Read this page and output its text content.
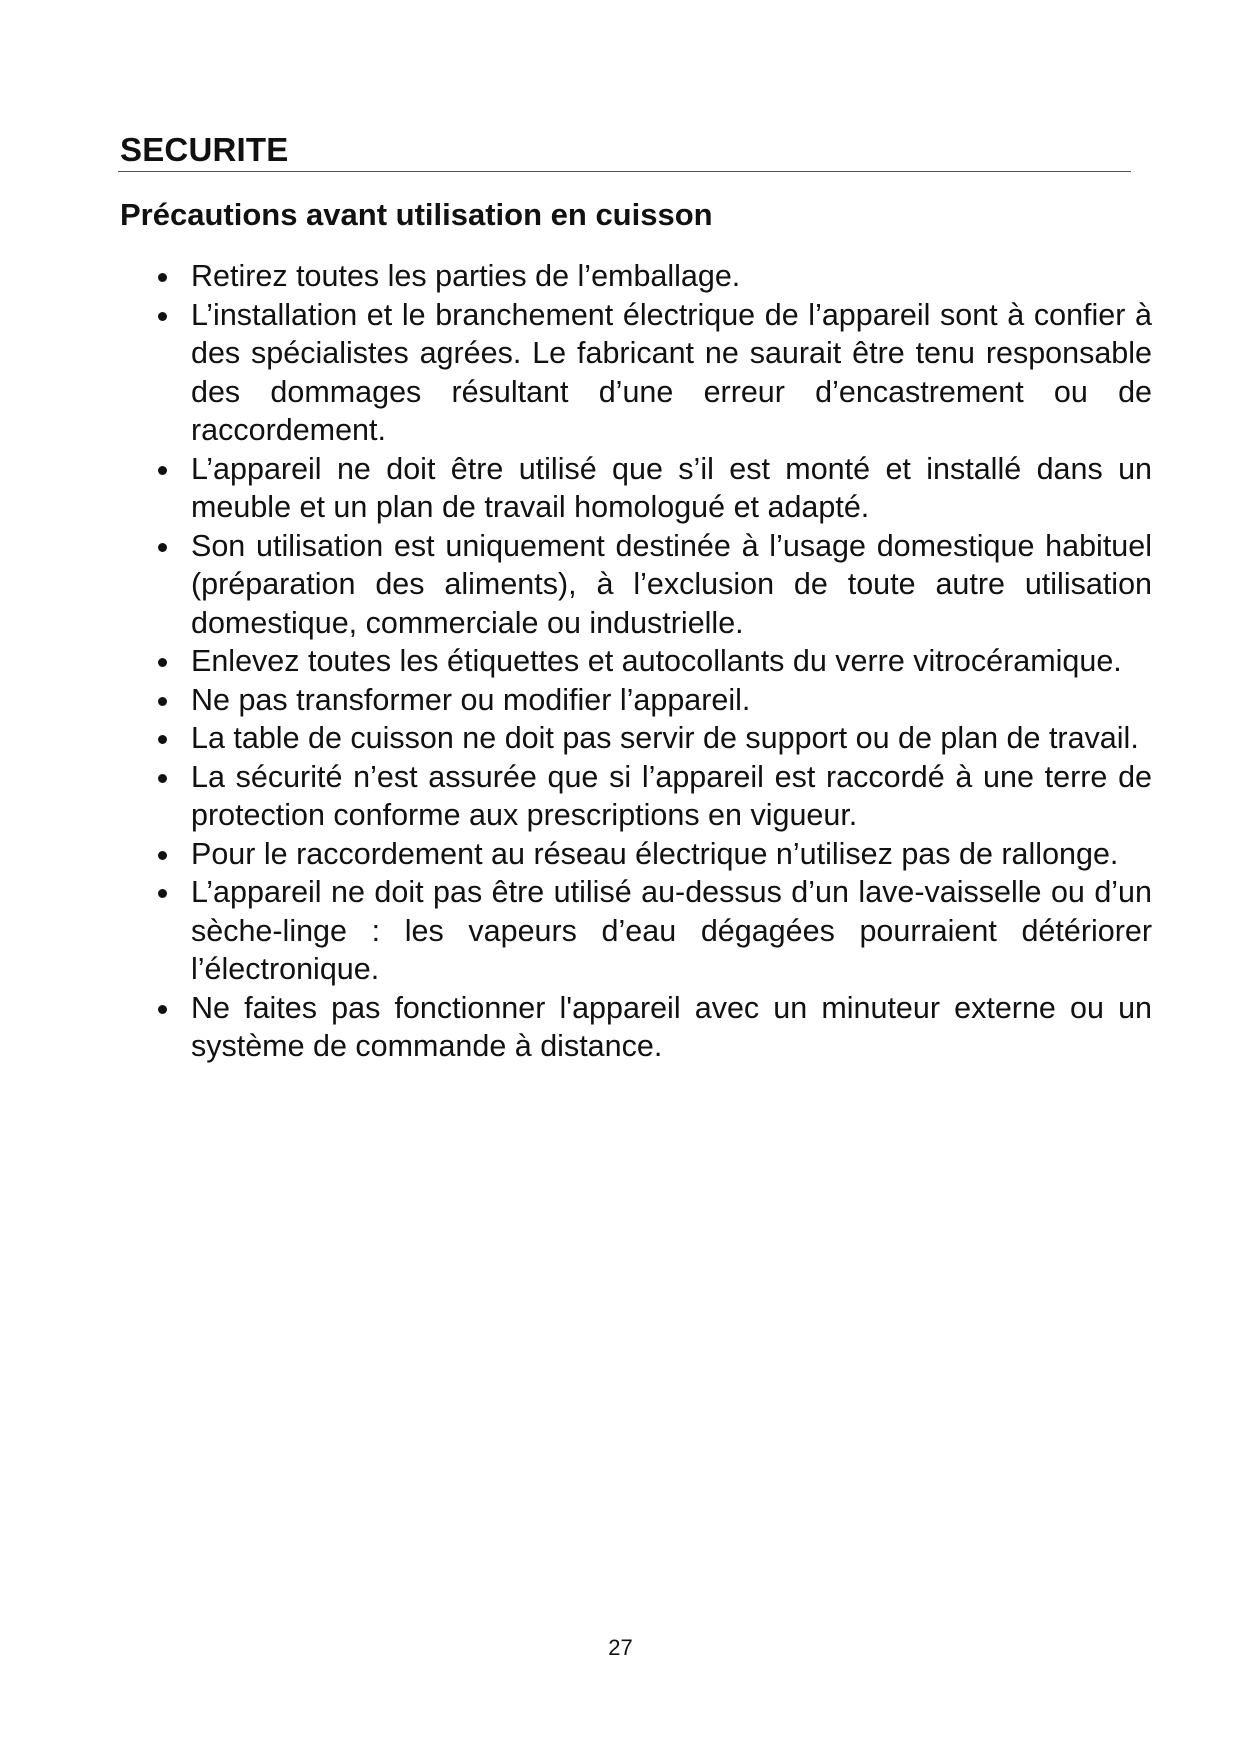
SECURITE
Précautions avant utilisation en cuisson
Retirez toutes les parties de l’emballage.
L’installation et le branchement électrique de l’appareil sont à confier à des spécialistes agrées. Le fabricant ne saurait être tenu responsable des dommages résultant d’une erreur d’encastrement ou de raccordement.
L’appareil ne doit être utilisé que s’il est monté et installé dans un meuble et un plan de travail homologué et adapté.
Son utilisation est uniquement destinée à l’usage domestique habituel (préparation des aliments), à l’exclusion de toute autre utilisation domestique, commerciale ou industrielle.
Enlevez toutes les étiquettes et autocollants du verre vitrocéramique.
Ne pas transformer ou modifier l’appareil.
La table de cuisson ne doit pas servir de support ou de plan de travail.
La sécurité n’est assurée que si l’appareil est raccordé à une terre de protection conforme aux prescriptions en vigueur.
Pour le raccordement au réseau électrique n’utilisez pas de rallonge.
L’appareil ne doit pas être utilisé au-dessus d’un lave-vaisselle ou d’un sèche-linge : les vapeurs d’eau dégagées pourraient détériorer l’électronique.
Ne faites pas fonctionner l'appareil avec un minuteur externe ou un système de commande à distance.
27
